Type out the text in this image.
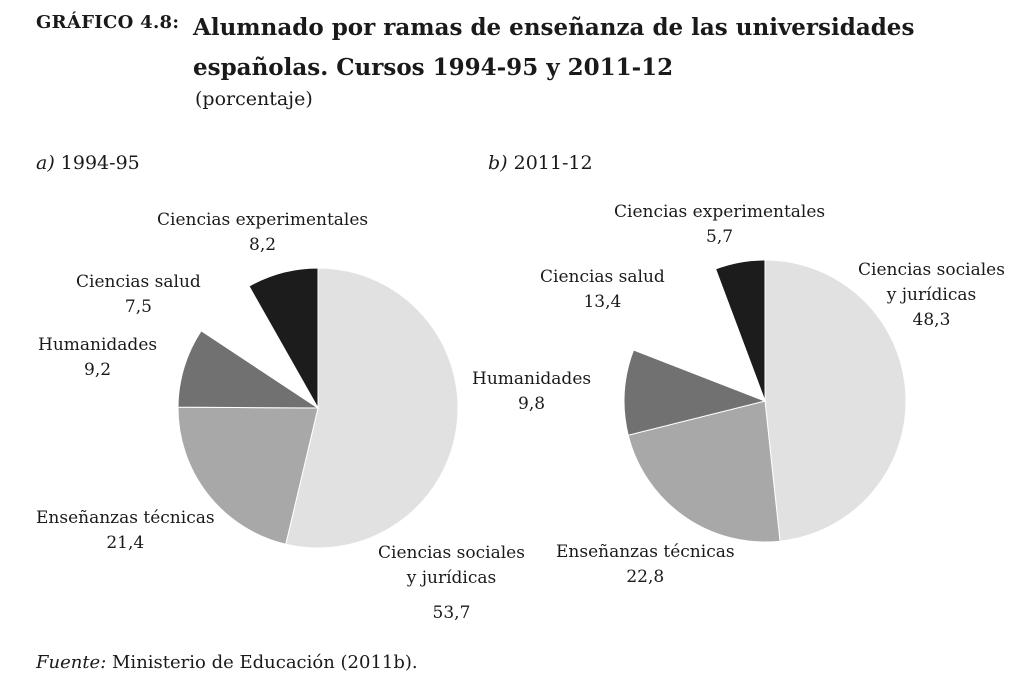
GRÁFICO 4.8: Alumnado por ramas de enseñanza de las universidades
españolas. Cursos 1994-95 y 2011-12
(porcentaje)
a) 1994-95
Ciencias experimentales
8,2
Ciencias salud
7,5
Humanidades
9,2
Enseñanzas técnicas
21,4	Ciencias sociales
y jurídicas
53,7
b) 2011-12
Ciencias experimentales
5,7
Ciencias salud
13,4
Humanidades
9,8
Enseñanzas técnicas
22,8
Ciencias sociales
y jurídicas
48,3
Fuente: Ministerio de Educación (2011b).
